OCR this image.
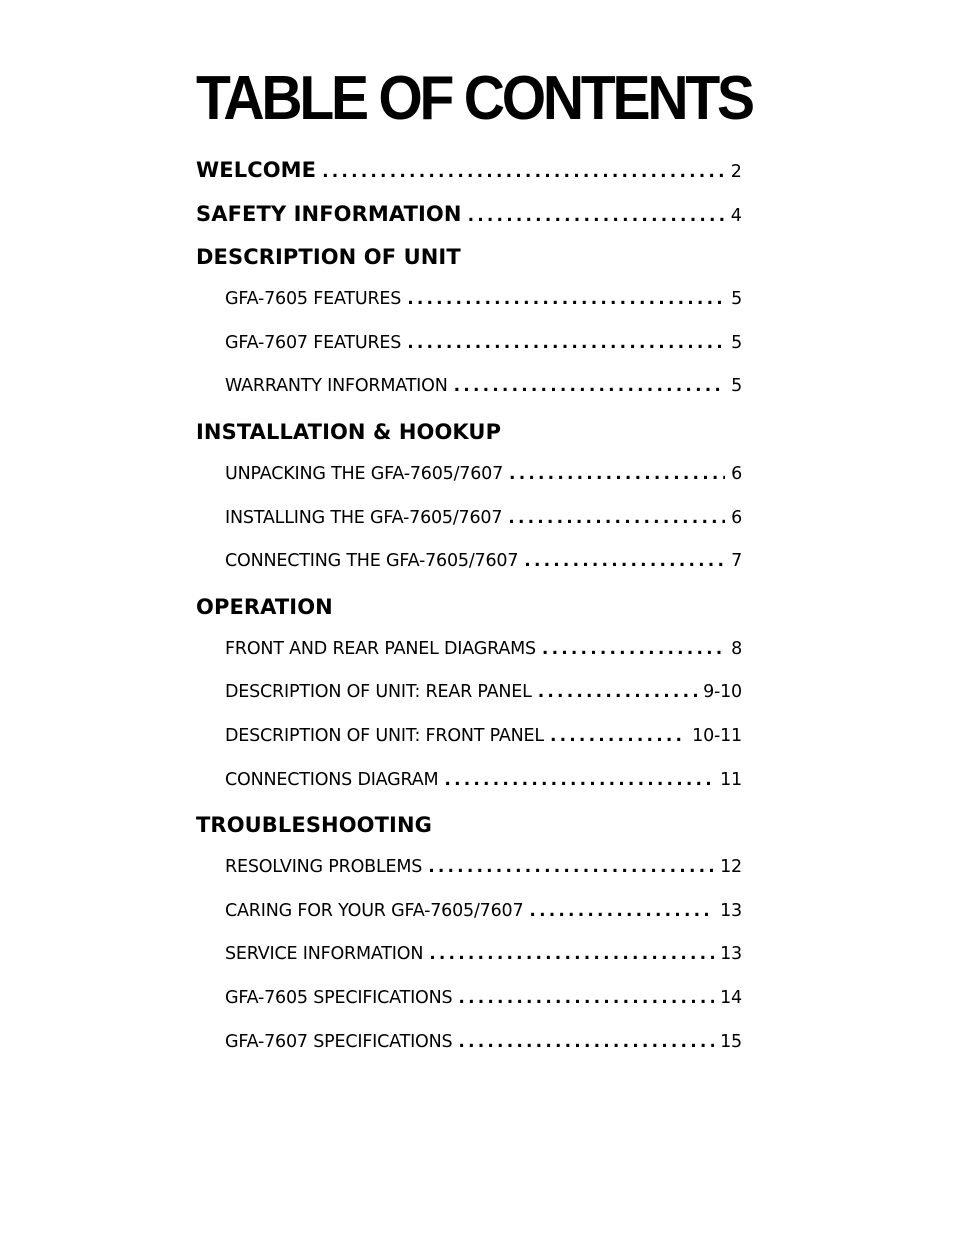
TABLE OF CONTENTS
WELCOME .....	2
SAFETY INFORMATION .....	4
DESCRIPTION OF UNIT
GFA-7605 FEATURES .....	5
GFA-7607 FEATURES .....	5
WARRANTY INFORMATION .....	5
INSTALLATION & HOOKUP
UNPACKING THE GFA-7605/7607 .....	6
INSTALLING THE GFA-7605/7607 .....	6
CONNECTING THE GFA-7605/7607 .....	7
OPERATION
FRONT AND REAR PANEL DIAGRAMS .....	8
DESCRIPTION OF UNIT: REAR PANEL .....	9-10
DESCRIPTION OF UNIT: FRONT PANEL .....	10-11
CONNECTIONS DIAGRAM .....	11
TROUBLESHOOTING
RESOLVING PROBLEMS .....	12
CARING FOR YOUR GFA-7605/7607 .....	13
SERVICE INFORMATION .....	13
GFA-7605 SPECIFICATIONS .....	14
GFA-7607 SPECIFICATIONS .....	15
